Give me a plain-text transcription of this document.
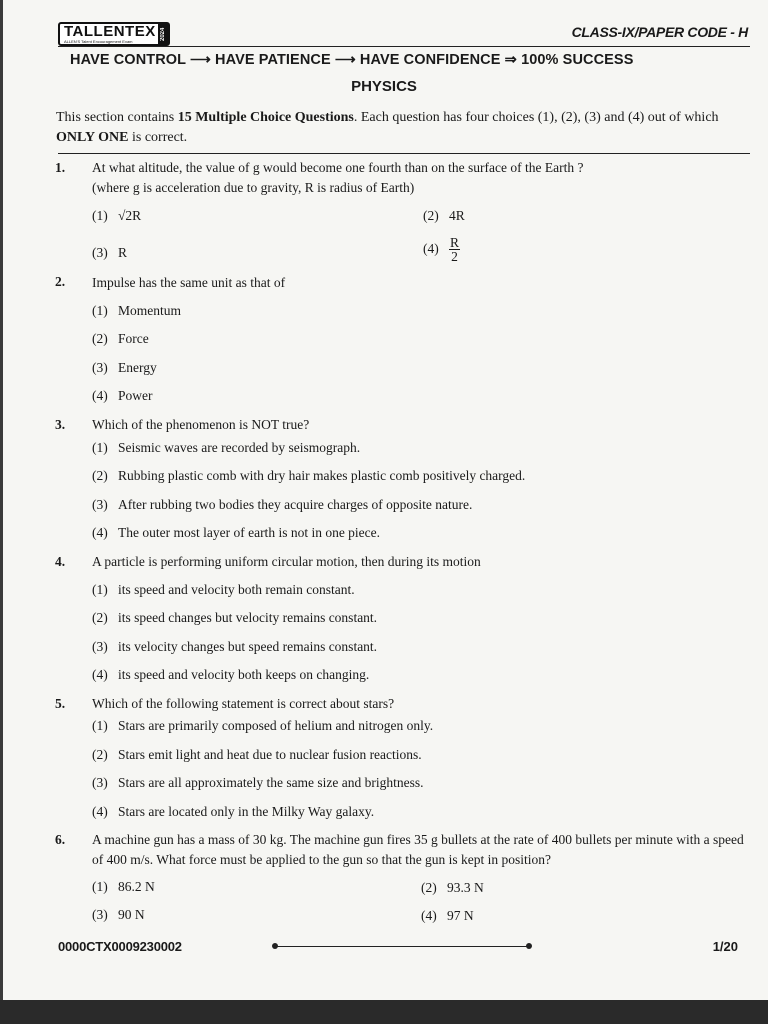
TALLENTEX
ALLEN'S Talent Encouragement Exam
2024	CLASS-IX/PAPER CODE - H
HAVE CONTROL ⟶ HAVE PATIENCE ⟶ HAVE CONFIDENCE ⇒ 100% SUCCESS
PHYSICS
This section contains 15 Multiple Choice Questions. Each question has four choices (1), (2), (3) and (4) out of which ONLY ONE is correct.
1. At what altitude, the value of g would become one fourth than on the surface of the Earth ?
(where g is acceleration due to gravity, R is radius of Earth)
(1) √2R	(2) 4R
(3) R	$(4) \frac{R}{2}$
2. Impulse has the same unit as that of
(1) Momentum
(2) Force
(3) Energy
(4) Power
3. Which of the phenomenon is NOT true?
(1) Seismic waves are recorded by seismograph.
(2) Rubbing plastic comb with dry hair makes plastic comb positively charged.
(3) After rubbing two bodies they acquire charges of opposite nature.
(4) The outer most layer of earth is not in one piece.
4. A particle is performing uniform circular motion, then during its motion
(1) its speed and velocity both remain constant.
(2) its speed changes but velocity remains constant.
(3) its velocity changes but speed remains constant.
(4) its speed and velocity both keeps on changing.
5. Which of the following statement is correct about stars?
(1) Stars are primarily composed of helium and nitrogen only.
(2) Stars emit light and heat due to nuclear fusion reactions.
(3) Stars are all approximately the same size and brightness.
(4) Stars are located only in the Milky Way galaxy.
6. A machine gun has a mass of 30 kg. The machine gun fires 35 g bullets at the rate of 400 bullets per minute with a speed of 400 m/s. What force must be applied to the gun so that the gun is kept in position?
(1) 86.2 N	(2) 93.3 N
(3) 90 N	(4) 97 N
0000CTX0009230002	1/20
